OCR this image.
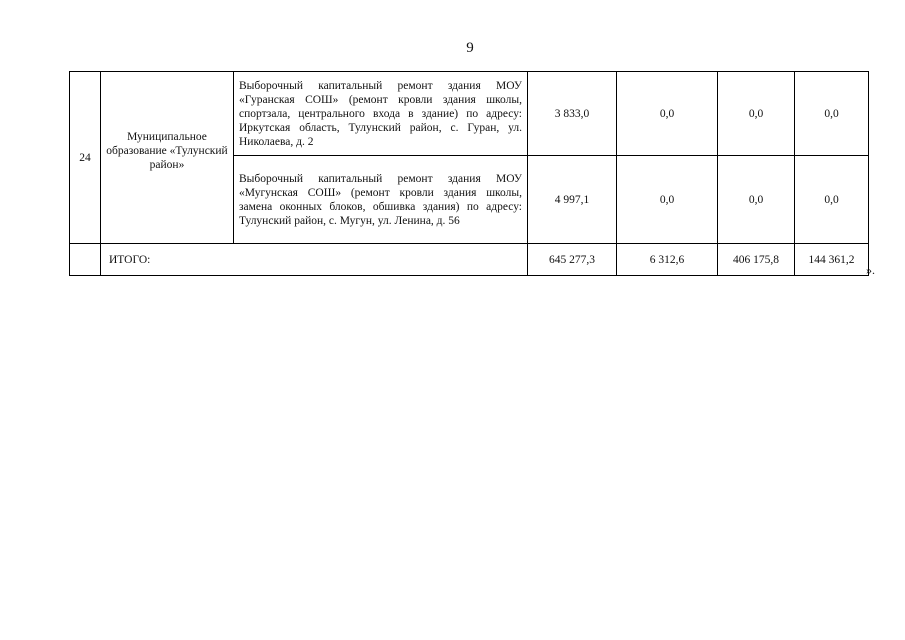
9
24	Муниципальное образование «Тулунский район»	Выборочный капитальный ремонт здания МОУ «Гуранская СОШ» (ремонт кровли здания школы, спортзала, центрального входа в здание) по адресу: Иркутская область, Тулунский район, с. Гуран, ул. Николаева, д. 2	3 833,0	0,0	0,0	0,0
		Выборочный капитальный ремонт здания МОУ «Мугунская СОШ» (ремонт кровли здания школы, замена оконных блоков, обшивка здания) по адресу: Тулунский район, с. Мугун, ул. Ленина, д. 56	4 997,1	0,0	0,0	0,0
	ИТОГО:		645 277,3	6 312,6	406 175,8	144 361,2
».
